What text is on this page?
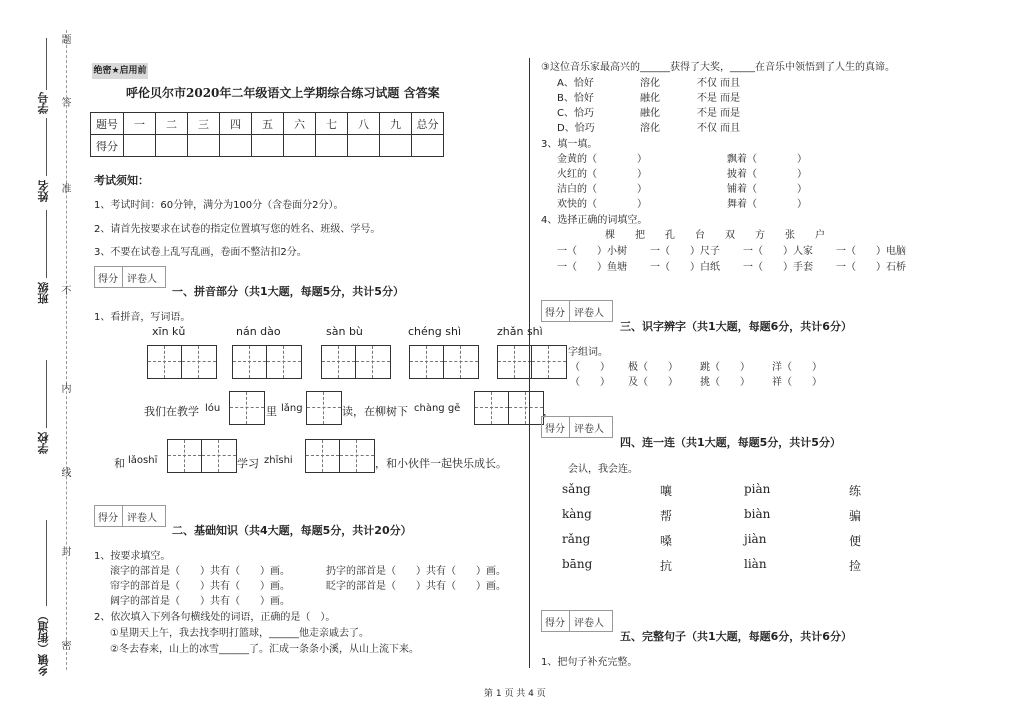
题
答
准
不
内
线
封
密
学号
姓名
班级
学校
乡镇（街道）
绝密★启用前
呼伦贝尔市2020年二年级语文上学期综合练习试题 含答案
题号	一	二	三	四	五	六	七	八	九	总分
得分										
考试须知：
1、考试时间：60分钟，满分为100分（含卷面分2分）。
2、请首先按要求在试卷的指定位置填写您的姓名、班级、学号。
3、不要在试卷上乱写乱画，卷面不整洁扣2分。
得分 评卷人
一、拼音部分（共1大题，每题5分，共计5分）
1、看拼音，写词语。
xīn kǔ	nán dào	sàn bù	chéng shì	zhǎn shì
我们在教学 lóu	里 lǎng	读，在柳树下 chàng gē	，
和 lǎoshī	学习 zhīshi	，和小伙伴一起快乐成长。
得分 评卷人
二、基础知识（共4大题，每题5分，共计20分）
1、按要求填空。
滚字的部首是（　　）共有（　　）画。	扔字的部首是（　　）共有（　　）画。
帘字的部首是（　　）共有（　　）画。	眨字的部首是（　　）共有（　　）画。
阔字的部首是（　　）共有（　　）画。
2、依次填入下列各句横线处的词语，正确的是（　）。
①星期天上午，我去找李明打篮球，______他走亲戚去了。
②冬去春来，山上的冰雪______了。汇成一条条小溪，从山上流下来。
③这位音乐家最高兴的______获得了大奖，_____在音乐中领悟到了人生的真谛。
A、恰好	溶化	不仅 而且
B、恰好	融化	不是 而是
C、恰巧	融化	不是 而是
D、恰巧	溶化	不仅 而且
3、填一填。
金黄的（　　　　）	飘着（　　　　）
火红的（　　　　）	披着（　　　　）
洁白的（　　　　）	铺着（　　　　）
欢快的（　　　　）	舞着（　　　　）
4、选择正确的词填空。
棵　　把　　孔　　台　　双　　方　　张　　户
一（　　）小树 一（　　）尺子 一（　　）人家 一（　　）电脑
一（　　）鱼塘 一（　　）白纸 一（　　）手套 一（　　）石桥
得分 评卷人
三、识字辨字（共1大题，每题6分，共计6分）
字组词。
（　　） 极（　　） 跳（　　） 洋（　　）
（　　） 及（　　） 挑（　　） 祥（　　）
得分 评卷人
四、连一连（共1大题，每题5分，共计5分）
会认，我会连。
sǎng	嚷	piàn	练
kàng	帮	biàn	骗
rǎng	嗓	jiàn	便
bāng	抗	liàn	捡
得分 评卷人
五、完整句子（共1大题，每题6分，共计6分）
1、把句子补充完整。
第 1 页 共 4 页
